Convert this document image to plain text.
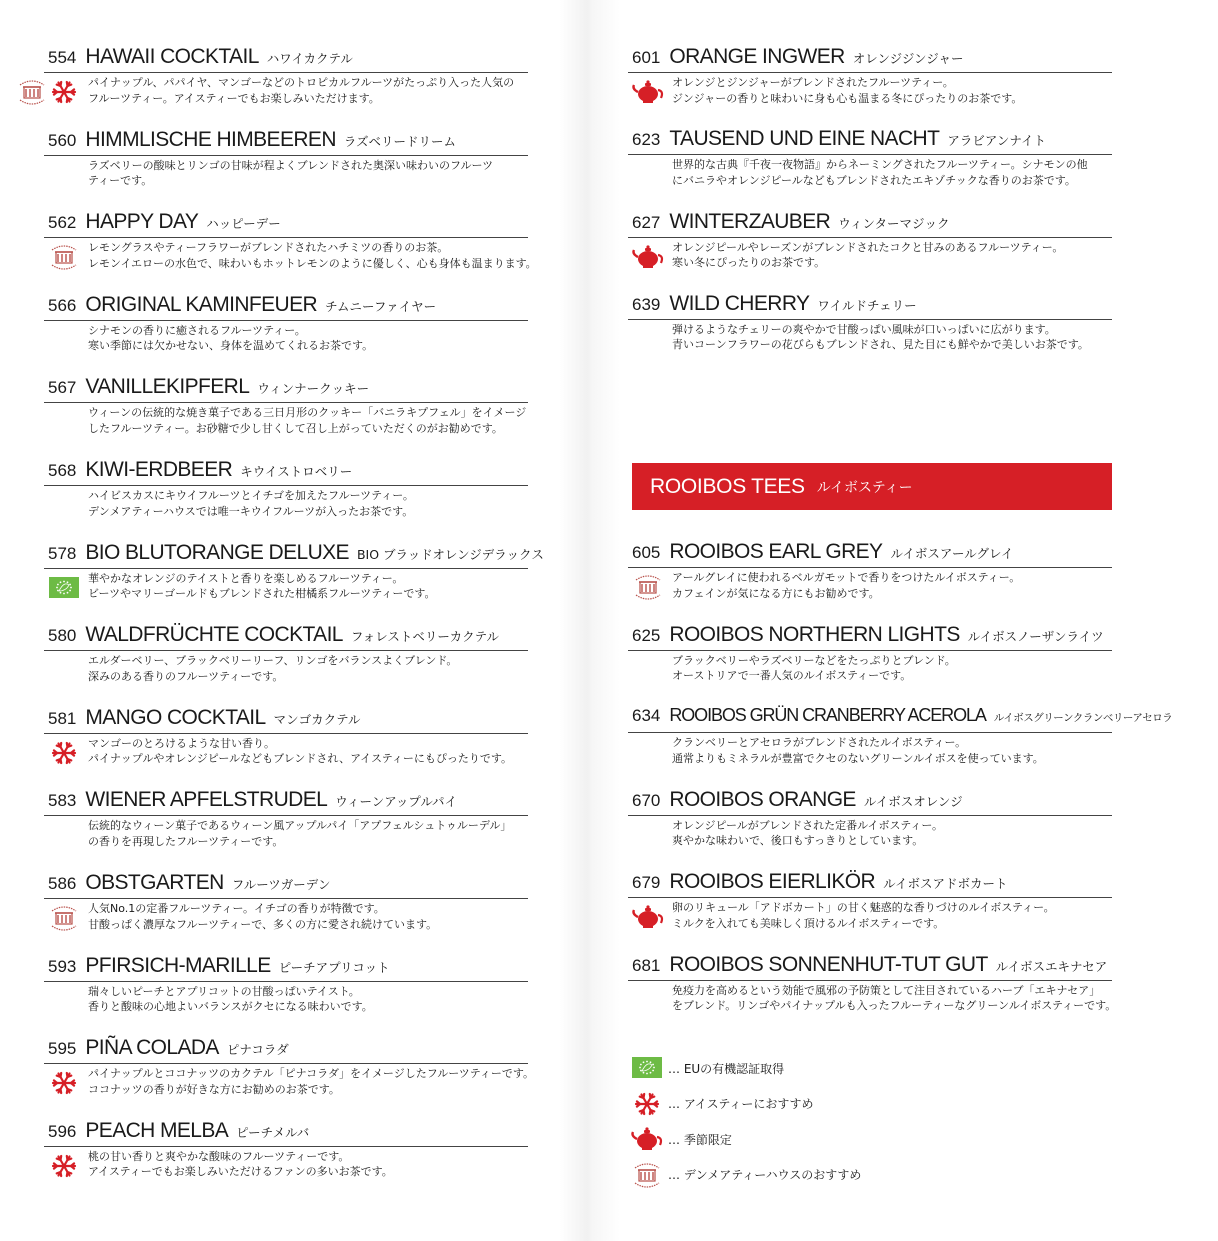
554 HAWAII COCKTAIL ハワイカクテル
パイナップル、パパイヤ、マンゴーなどのトロピカルフルーツがたっぷり入った人気の
フルーツティー。アイスティーでもお楽しみいただけます。
560 HIMMLISCHE HIMBEEREN ラズベリードリーム
ラズベリーの酸味とリンゴの甘味が程よくブレンドされた奥深い味わいのフルーツ
ティーです。
562 HAPPY DAY ハッピーデー
レモングラスやティーフラワーがブレンドされたハチミツの香りのお茶。
レモンイエローの水色で、味わいもホットレモンのように優しく、心も身体も温まります。
566 ORIGINAL KAMINFEUER チムニーファイヤー
シナモンの香りに癒されるフルーツティー。
寒い季節には欠かせない、身体を温めてくれるお茶です。
567 VANILLEKIPFERL ウィンナークッキー
ウィーンの伝統的な焼き菓子である三日月形のクッキー「バニラキプフェル」をイメージ
したフルーツティー。お砂糖で少し甘くして召し上がっていただくのがお勧めです。
568 KIWI-ERDBEER キウイストロベリー
ハイビスカスにキウイフルーツとイチゴを加えたフルーツティー。
デンメアティーハウスでは唯一キウイフルーツが入ったお茶です。
578 BIO BLUTORANGE DELUXE BIO ブラッドオレンジデラックス
華やかなオレンジのテイストと香りを楽しめるフルーツティー。
ビーツやマリーゴールドもブレンドされた柑橘系フルーツティーです。
580 WALDFRÜCHTE COCKTAIL フォレストベリーカクテル
エルダーベリー、ブラックベリーリーフ、リンゴをバランスよくブレンド。
深みのある香りのフルーツティーです。
581 MANGO COCKTAIL マンゴカクテル
マンゴーのとろけるような甘い香り。
パイナップルやオレンジピールなどもブレンドされ、アイスティーにもぴったりです。
583 WIENER APFELSTRUDEL ウィーンアップルパイ
伝統的なウィーン菓子であるウィーン風アップルパイ「アプフェルシュトゥルーデル」
の香りを再現したフルーツティーです。
586 OBSTGARTEN フルーツガーデン
人気No.1の定番フルーツティー。イチゴの香りが特徴です。
甘酸っぱく濃厚なフルーツティーで、多くの方に愛され続けています。
593 PFIRSICH-MARILLE ピーチアプリコット
瑞々しいピーチとアプリコットの甘酸っぱいテイスト。
香りと酸味の心地よいバランスがクセになる味わいです。
595 PIÑA COLADA ピナコラダ
パイナップルとココナッツのカクテル「ピナコラダ」をイメージしたフルーツティーです。
ココナッツの香りが好きな方にお勧めのお茶です。
596 PEACH MELBA ピーチメルバ
桃の甘い香りと爽やかな酸味のフルーツティーです。
アイスティーでもお楽しみいただけるファンの多いお茶です。
601 ORANGE INGWER オレンジジンジャー
オレンジとジンジャーがブレンドされたフルーツティー。
ジンジャーの香りと味わいに身も心も温まる冬にぴったりのお茶です。
623 TAUSEND UND EINE NACHT アラビアンナイト
世界的な古典『千夜一夜物語』からネーミングされたフルーツティー。シナモンの他
にバニラやオレンジピールなどもブレンドされたエキゾチックな香りのお茶です。
627 WINTERZAUBER ウィンターマジック
オレンジピールやレーズンがブレンドされたコクと甘みのあるフルーツティー。
寒い冬にぴったりのお茶です。
639 WILD CHERRY ワイルドチェリー
弾けるようなチェリーの爽やかで甘酸っぱい風味が口いっぱいに広がります。
青いコーンフラワーの花びらもブレンドされ、見た目にも鮮やかで美しいお茶です。
ROOIBOS TEES ルイボスティー
605 ROOIBOS EARL GREY ルイボスアールグレイ
アールグレイに使われるベルガモットで香りをつけたルイボスティー。
カフェインが気になる方にもお勧めです。
625 ROOIBOS NORTHERN LIGHTS ルイボスノーザンライツ
ブラックベリーやラズベリーなどをたっぷりとブレンド。
オーストリアで一番人気のルイボスティーです。
634 ROOIBOS GRÜN CRANBERRY ACEROLA ルイボスグリーンクランベリーアセロラ
クランベリーとアセロラがブレンドされたルイボスティー。
通常よりもミネラルが豊富でクセのないグリーンルイボスを使っています。
670 ROOIBOS ORANGE ルイボスオレンジ
オレンジピールがブレンドされた定番ルイボスティー。
爽やかな味わいで、後口もすっきりとしています。
679 ROOIBOS EIERLIKÖR ルイボスアドボカート
卵のリキュール「アドボカート」の甘く魅惑的な香りづけのルイボスティー。
ミルクを入れても美味しく頂けるルイボスティーです。
681 ROOIBOS SONNENHUT-TUT GUT ルイボスエキナセア
免疫力を高めるという効能で風邪の予防策として注目されているハーブ「エキナセア」
をブレンド。リンゴやパイナップルも入ったフルーティーなグリーンルイボスティーです。
… EUの有機認証取得
… アイスティーにおすすめ
… 季節限定
… デンメアティーハウスのおすすめ
